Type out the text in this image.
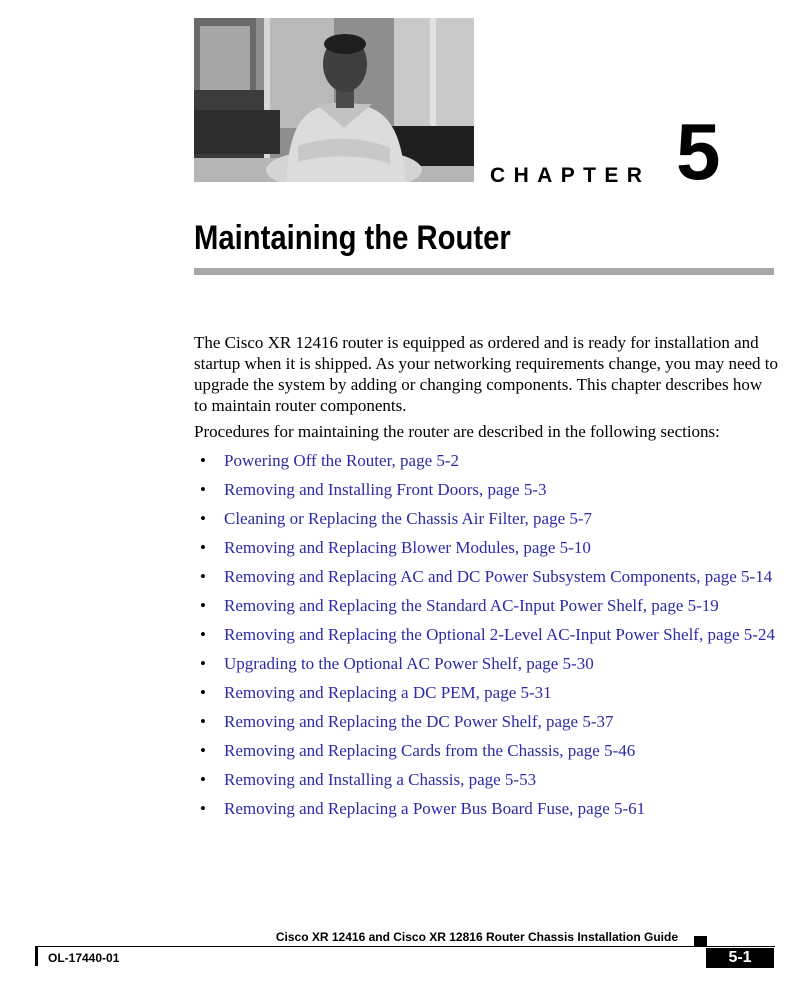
CHAPTER 5
Maintaining the Router

The Cisco XR 12416 router is equipped as ordered and is ready for installation and startup when it is shipped. As your networking requirements change, you may need to upgrade the system by adding or changing components. This chapter describes how to maintain router components.

Procedures for maintaining the router are described in the following sections:

• Powering Off the Router, page 5-2
• Removing and Installing Front Doors, page 5-3
• Cleaning or Replacing the Chassis Air Filter, page 5-7
• Removing and Replacing Blower Modules, page 5-10
• Removing and Replacing AC and DC Power Subsystem Components, page 5-14
• Removing and Replacing the Standard AC-Input Power Shelf, page 5-19
• Removing and Replacing the Optional 2-Level AC-Input Power Shelf, page 5-24
• Upgrading to the Optional AC Power Shelf, page 5-30
• Removing and Replacing a DC PEM, page 5-31
• Removing and Replacing the DC Power Shelf, page 5-37
• Removing and Replacing Cards from the Chassis, page 5-46
• Removing and Installing a Chassis, page 5-53
• Removing and Replacing a Power Bus Board Fuse, page 5-61
Cisco XR 12416 and Cisco XR 12816 Router Chassis Installation Guide
OL-17440-01	5-1
